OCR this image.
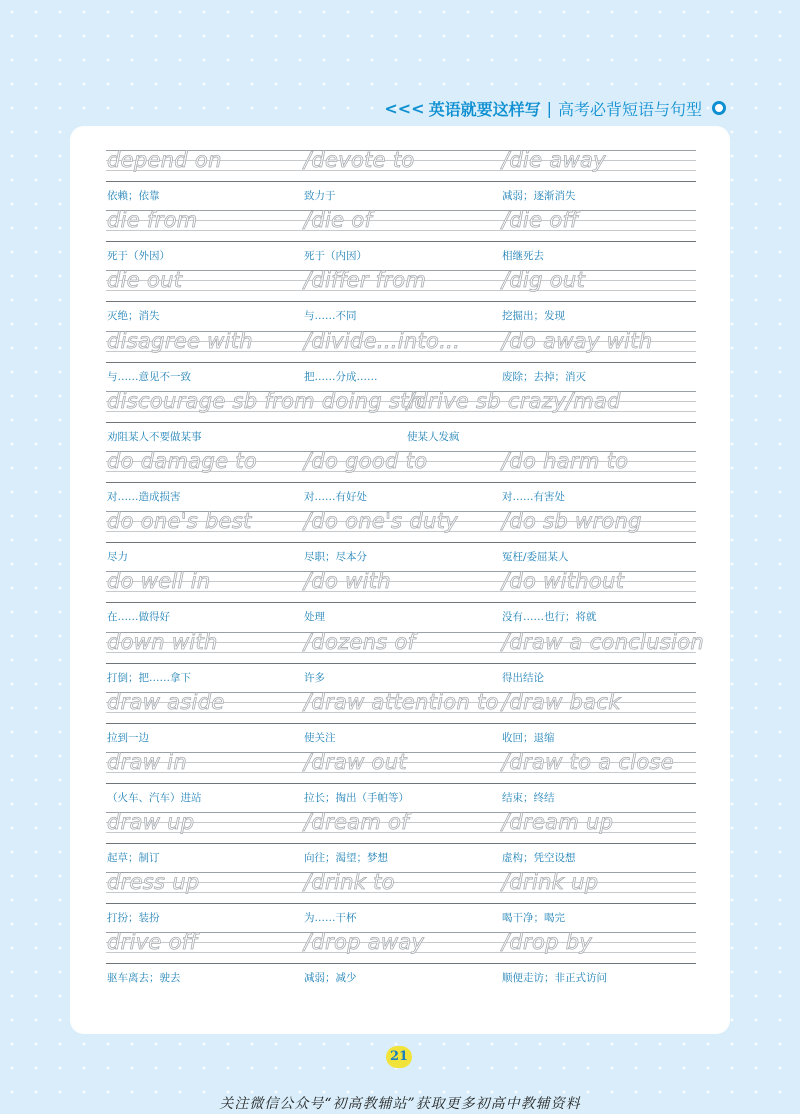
<<< 英语就要这样写 | 高考必背短语与句型
depend on
依赖；依靠
/devote to
致力于
/die away
减弱；逐渐消失
die from
死于（外因）
/die of
死于（内因）
/die off
相继死去
die out
灭绝；消失
/differ from
与……不同
/dig out
挖掘出；发现
disagree with
与……意见不一致
/divide...into...
把……分成……
/do away with
废除；去掉；消灭
discourage sb from doing sth
劝阻某人不要做某事
/drive sb crazy/mad
使某人发疯
do damage to
对……造成损害
/do good to
对……有好处
/do harm to
对……有害处
do one's best
尽力
/do one's duty
尽职；尽本分
/do sb wrong
冤枉/委屈某人
do well in
在……做得好
/do with
处理
/do without
没有……也行；将就
down with
打倒；把……拿下
/dozens of
许多
/draw a conclusion
得出结论
draw aside
拉到一边
/draw attention to
使关注
/draw back
收回；退缩
draw in
（火车、汽车）进站
/draw out
拉长；掏出（手帕等）
/draw to a close
结束；终结
draw up
起草；制订
/dream of
向往；渴望；梦想
/dream up
虚构；凭空设想
dress up
打扮；装扮
/drink to
为……干杯
/drink up
喝干净；喝完
drive off
驱车离去；驶去
/drop away
减弱；减少
/drop by
顺便走访；非正式访问
21
关注微信公众号“初高教辅站”获取更多初高中教辅资料
